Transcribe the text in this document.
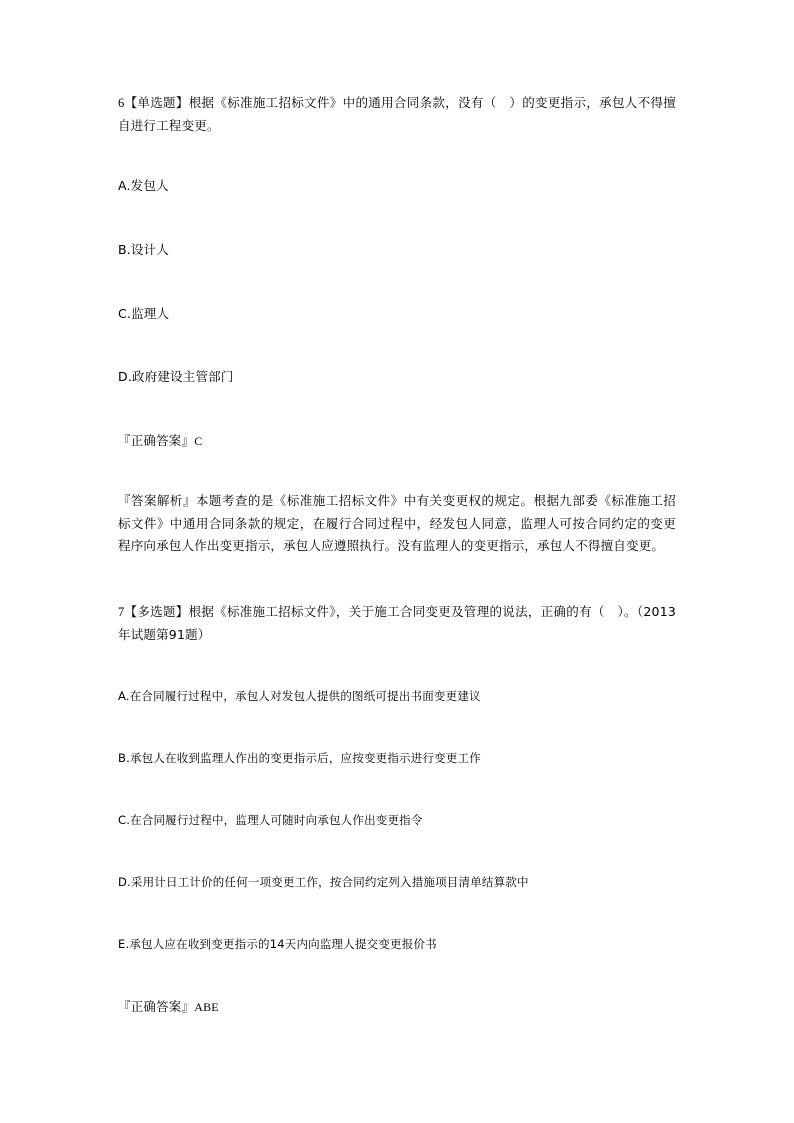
6【单选题】根据《标准施工招标文件》中的通用合同条款，没有（　）的变更指示，承包人不得擅自进行工程变更。
A.发包人
B.设计人
C.监理人
D.政府建设主管部门
『正确答案』C
『答案解析』本题考查的是《标准施工招标文件》中有关变更权的规定。根据九部委《标准施工招标文件》中通用合同条款的规定，在履行合同过程中，经发包人同意，监理人可按合同约定的变更程序向承包人作出变更指示，承包人应遵照执行。没有监理人的变更指示，承包人不得擅自变更。
7【多选题】根据《标准施工招标文件》，关于施工合同变更及管理的说法，正确的有（　）。（2013年试题第91题）
A.在合同履行过程中，承包人对发包人提供的图纸可提出书面变更建议
B.承包人在收到监理人作出的变更指示后，应按变更指示进行变更工作
C.在合同履行过程中，监理人可随时向承包人作出变更指令
D.采用计日工计价的任何一项变更工作，按合同约定列入措施项目清单结算款中
E.承包人应在收到变更指示的14天内向监理人提交变更报价书
『正确答案』ABE
